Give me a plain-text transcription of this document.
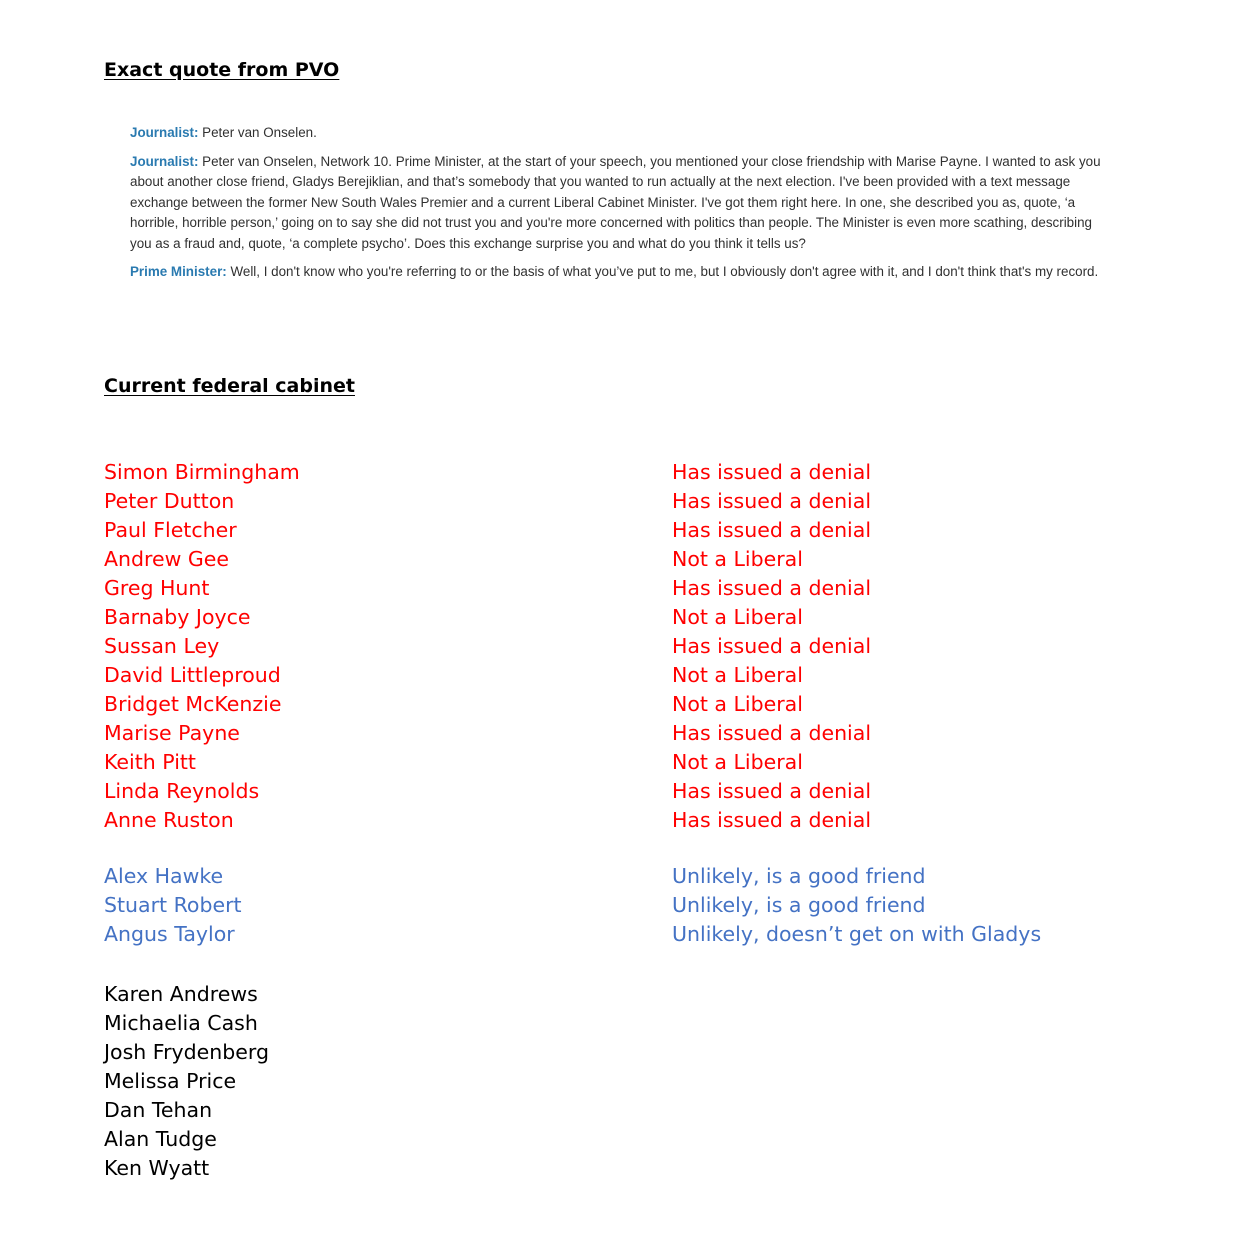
Exact quote from PVO

Journalist: Peter van Onselen.

Journalist: Peter van Onselen, Network 10. Prime Minister, at the start of your speech, you mentioned your close friendship with Marise Payne. I wanted to ask you about another close friend, Gladys Berejiklian, and that’s somebody that you wanted to run actually at the next election. I've been provided with a text message exchange between the former New South Wales Premier and a current Liberal Cabinet Minister. I've got them right here. In one, she described you as, quote, ‘a horrible, horrible person,’ going on to say she did not trust you and you're more concerned with politics than people. The Minister is even more scathing, describing you as a fraud and, quote, ‘a complete psycho’. Does this exchange surprise you and what do you think it tells us?

Prime Minister: Well, I don't know who you're referring to or the basis of what you’ve put to me, but I obviously don't agree with it, and I don't think that's my record.

Current federal cabinet
Simon Birmingham	Has issued a denial
Peter Dutton	Has issued a denial
Paul Fletcher	Has issued a denial
Andrew Gee	Not a Liberal
Greg Hunt	Has issued a denial
Barnaby Joyce	Not a Liberal
Sussan Ley	Has issued a denial
David Littleproud	Not a Liberal
Bridget McKenzie	Not a Liberal
Marise Payne	Has issued a denial
Keith Pitt	Not a Liberal
Linda Reynolds	Has issued a denial
Anne Ruston	Has issued a denial
Alex Hawke	Unlikely, is a good friend
Stuart Robert	Unlikely, is a good friend
Angus Taylor	Unlikely, doesn’t get on with Gladys
Karen Andrews
Michaelia Cash
Josh Frydenberg
Melissa Price
Dan Tehan
Alan Tudge
Ken Wyatt
